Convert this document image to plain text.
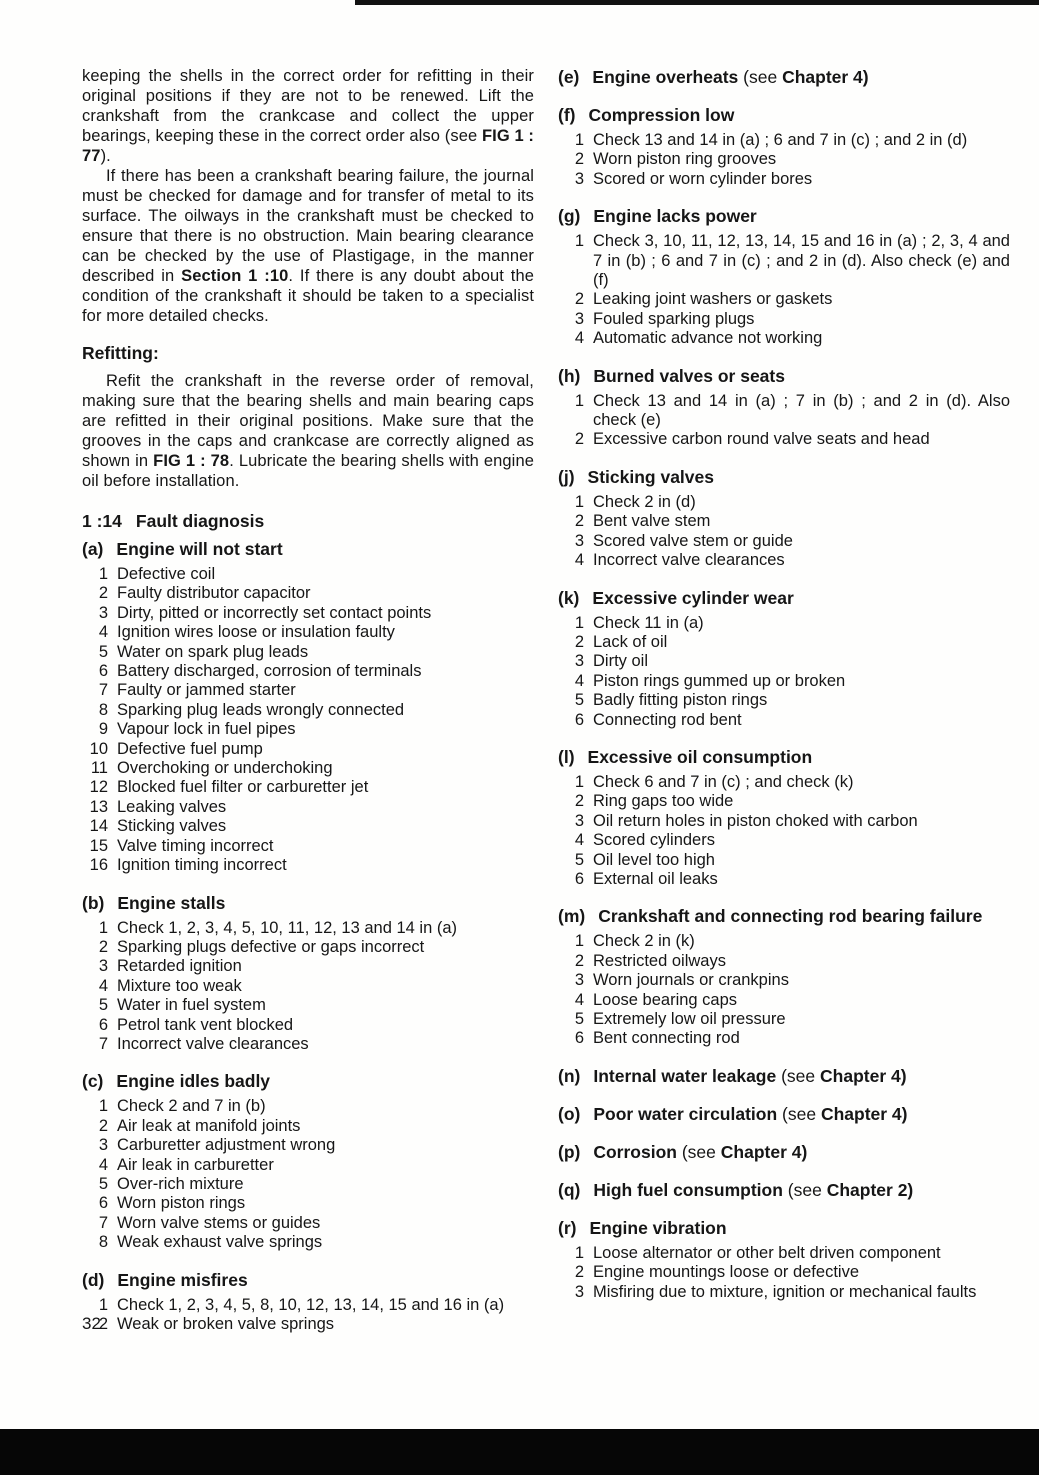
keeping the shells in the correct order for refitting in their original positions if they are not to be renewed. Lift the crankshaft from the crankcase and collect the upper bearings, keeping these in the correct order also (see FIG 1 : 77).

If there has been a crankshaft bearing failure, the journal must be checked for damage and for transfer of metal to its surface. The oilways in the crankshaft must be checked to ensure that there is no obstruction. Main bearing clearance can be checked by the use of Plastigage, in the manner described in Section 1 :10. If there is any doubt about the condition of the crankshaft it should be taken to a specialist for more detailed checks.

Refitting:

Refit the crankshaft in the reverse order of removal, making sure that the bearing shells and main bearing caps are refitted in their original positions. Make sure that the grooves in the caps and crankcase are correctly aligned as shown in FIG 1 : 78. Lubricate the bearing shells with engine oil before installation.

1 :14 Fault diagnosis
(a) Engine will not start
1 Defective coil
2 Faulty distributor capacitor
3 Dirty, pitted or incorrectly set contact points
4 Ignition wires loose or insulation faulty
5 Water on spark plug leads
6 Battery discharged, corrosion of terminals
7 Faulty or jammed starter
8 Sparking plug leads wrongly connected
9 Vapour lock in fuel pipes
10 Defective fuel pump
11 Overchoking or underchoking
12 Blocked fuel filter or carburetter jet
13 Leaking valves
14 Sticking valves
15 Valve timing incorrect
16 Ignition timing incorrect
(b) Engine stalls
1 Check 1, 2, 3, 4, 5, 10, 11, 12, 13 and 14 in (a)
2 Sparking plugs defective or gaps incorrect
3 Retarded ignition
4 Mixture too weak
5 Water in fuel system
6 Petrol tank vent blocked
7 Incorrect valve clearances
(c) Engine idles badly
1 Check 2 and 7 in (b)
2 Air leak at manifold joints
3 Carburetter adjustment wrong
4 Air leak in carburetter
5 Over-rich mixture
6 Worn piston rings
7 Worn valve stems or guides
8 Weak exhaust valve springs
(d) Engine misfires
1 Check 1, 2, 3, 4, 5, 8, 10, 12, 13, 14, 15 and 16 in (a)
2 Weak or broken valve springs
(e) Engine overheats (see Chapter 4)
(f) Compression low
1 Check 13 and 14 in (a) ; 6 and 7 in (c) ; and 2 in (d)
2 Worn piston ring grooves
3 Scored or worn cylinder bores
(g) Engine lacks power
1 Check 3, 10, 11, 12, 13, 14, 15 and 16 in (a) ; 2, 3, 4 and 7 in (b) ; 6 and 7 in (c) ; and 2 in (d). Also check (e) and (f)
2 Leaking joint washers or gaskets
3 Fouled sparking plugs
4 Automatic advance not working
(h) Burned valves or seats
1 Check 13 and 14 in (a) ; 7 in (b) ; and 2 in (d). Also check (e)
2 Excessive carbon round valve seats and head
(j) Sticking valves
1 Check 2 in (d)
2 Bent valve stem
3 Scored valve stem or guide
4 Incorrect valve clearances
(k) Excessive cylinder wear
1 Check 11 in (a)
2 Lack of oil
3 Dirty oil
4 Piston rings gummed up or broken
5 Badly fitting piston rings
6 Connecting rod bent
(l) Excessive oil consumption
1 Check 6 and 7 in (c) ; and check (k)
2 Ring gaps too wide
3 Oil return holes in piston choked with carbon
4 Scored cylinders
5 Oil level too high
6 External oil leaks
(m) Crankshaft and connecting rod bearing failure
1 Check 2 in (k)
2 Restricted oilways
3 Worn journals or crankpins
4 Loose bearing caps
5 Extremely low oil pressure
6 Bent connecting rod
(n) Internal water leakage (see Chapter 4)
(o) Poor water circulation (see Chapter 4)
(p) Corrosion (see Chapter 4)
(q) High fuel consumption (see Chapter 2)
(r) Engine vibration
1 Loose alternator or other belt driven component
2 Engine mountings loose or defective
3 Misfiring due to mixture, ignition or mechanical faults
32
